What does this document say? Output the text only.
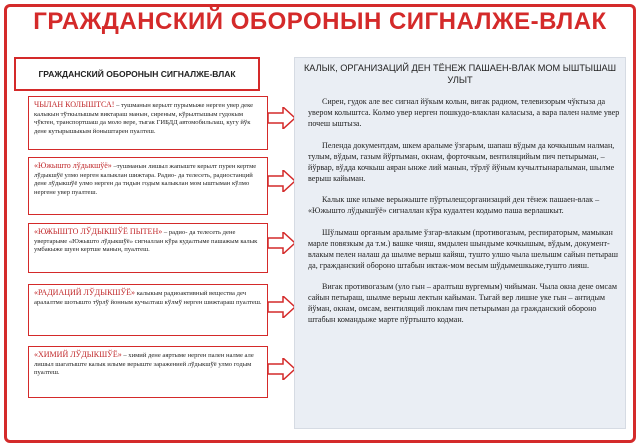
ГРАЖДАНСКИЙ ОБОРОНЫН СИГНАЛЖЕ-ВЛАК
ГРАЖДАНСКИЙ ОБОРОНЫН СИГНАЛЖЕ-ВЛАК
ЧЫЛАН КОЛЫШТСА! – тушманын керылт пурымыже нерген увер деке калыкын тўткылышым виктараш манын, сиреным, кўрылтышым гудокым чўктен, транспортшаш да моло вере, тыгак ГИБДД автомобильлаш, кугу йўк дене кутырышыкым йоныштарен пуалтеш.
«Южышто лўдыкшўё» –тушманын лишыл жапыште керылт пурен кертме лўдыкшўё улмо нерген калыклан шижтара. Радио- да телесеть, радиостанций дене лўдыкшўё улмо нерген да тидын годым калыклан мом ыштыман кўлмо нергене увер пуалтеш.
«ЮЖЫШТО ЛЎДЫКШЎЁ ПЫТЕН» – радио- да телесеть дене увертарыме «Южышто лўдыкшўё» сигналлан кўра кудалтыме пашажым калык умбакыже шуен кертше манын, пуалтеш.
«РАДИАЦИЙ ЛЎДЫКШЎЁ» калыкым радиоактивный вещества деч аралалтме шотышто тўрлў йонным кучылташ кўлмў нерген шижтараш пуалтеш.
«ХИМИЙ ЛЎДЫКШЎЁ» – химий дене аяртыме нерген пален налме але лишыл шагатыште калык илыме верыште зараженией лўдыкшўё улмо годым пуалтеш.
КАЛЫК, ОРГАНИЗАЦИЙ ДЕН ТЁНЕЖ ПАШАЕН-ВЛАК МОМ ЫШТЫШАШ УЛЫТ

Сирен, гудок але вес сигнал йўкым колын, вигак радиом, телевизорым чўктыза да увером колыштса. Колмо увер нерген пошкудо-влаклан каласыза, а вара пален налме увер почеш ыштыза.

Пеленда документдам, шкем аралыме ўзгарым, шапаш вўдым да кочкышым налман, тулым, вўдым, газым йўртыман, окнам, форточкым, вентиляцийым пич петырыман, – йўрвар, вўдда кочкыш аяран ынже лий манын, тўрлў йўным кучылтынаралыман, шылме верыш кайыман.

Калык шке илыме верыжыште пўртылеш;организаций ден тёнеж пашаен-влак – «Южышто лўдыкшўё» сигналлан кўра кудалтен кодымо паша верлашкыт.

Шўлымаш органым аралыме ўзгар-влакым (противогазым, респираторым, мамыкан марле повязкым да т.м.) вашке чияш, ямдылен шындыме кочкышым, вўдым, документ-влакым пелен налаш да шылме верыш кайяш, тушто улшо чыла шелышм сайын петыраш да, гражданский обороно штабын иктаж-мом весым шўдымешкыже,тушто лияш.

Вигак противогазым (уло гын – аралтыш вургемым) чийыман. Чыла окна дене омсам сайын петыраш, шылме верыш лектын кайыман. Тыгай вер лишне уке гын – антидым йўман, окнам, омсам, вентиляций люклам пич петырыман да гражданский обороно штабын командыже марте пўртышто кодман.
